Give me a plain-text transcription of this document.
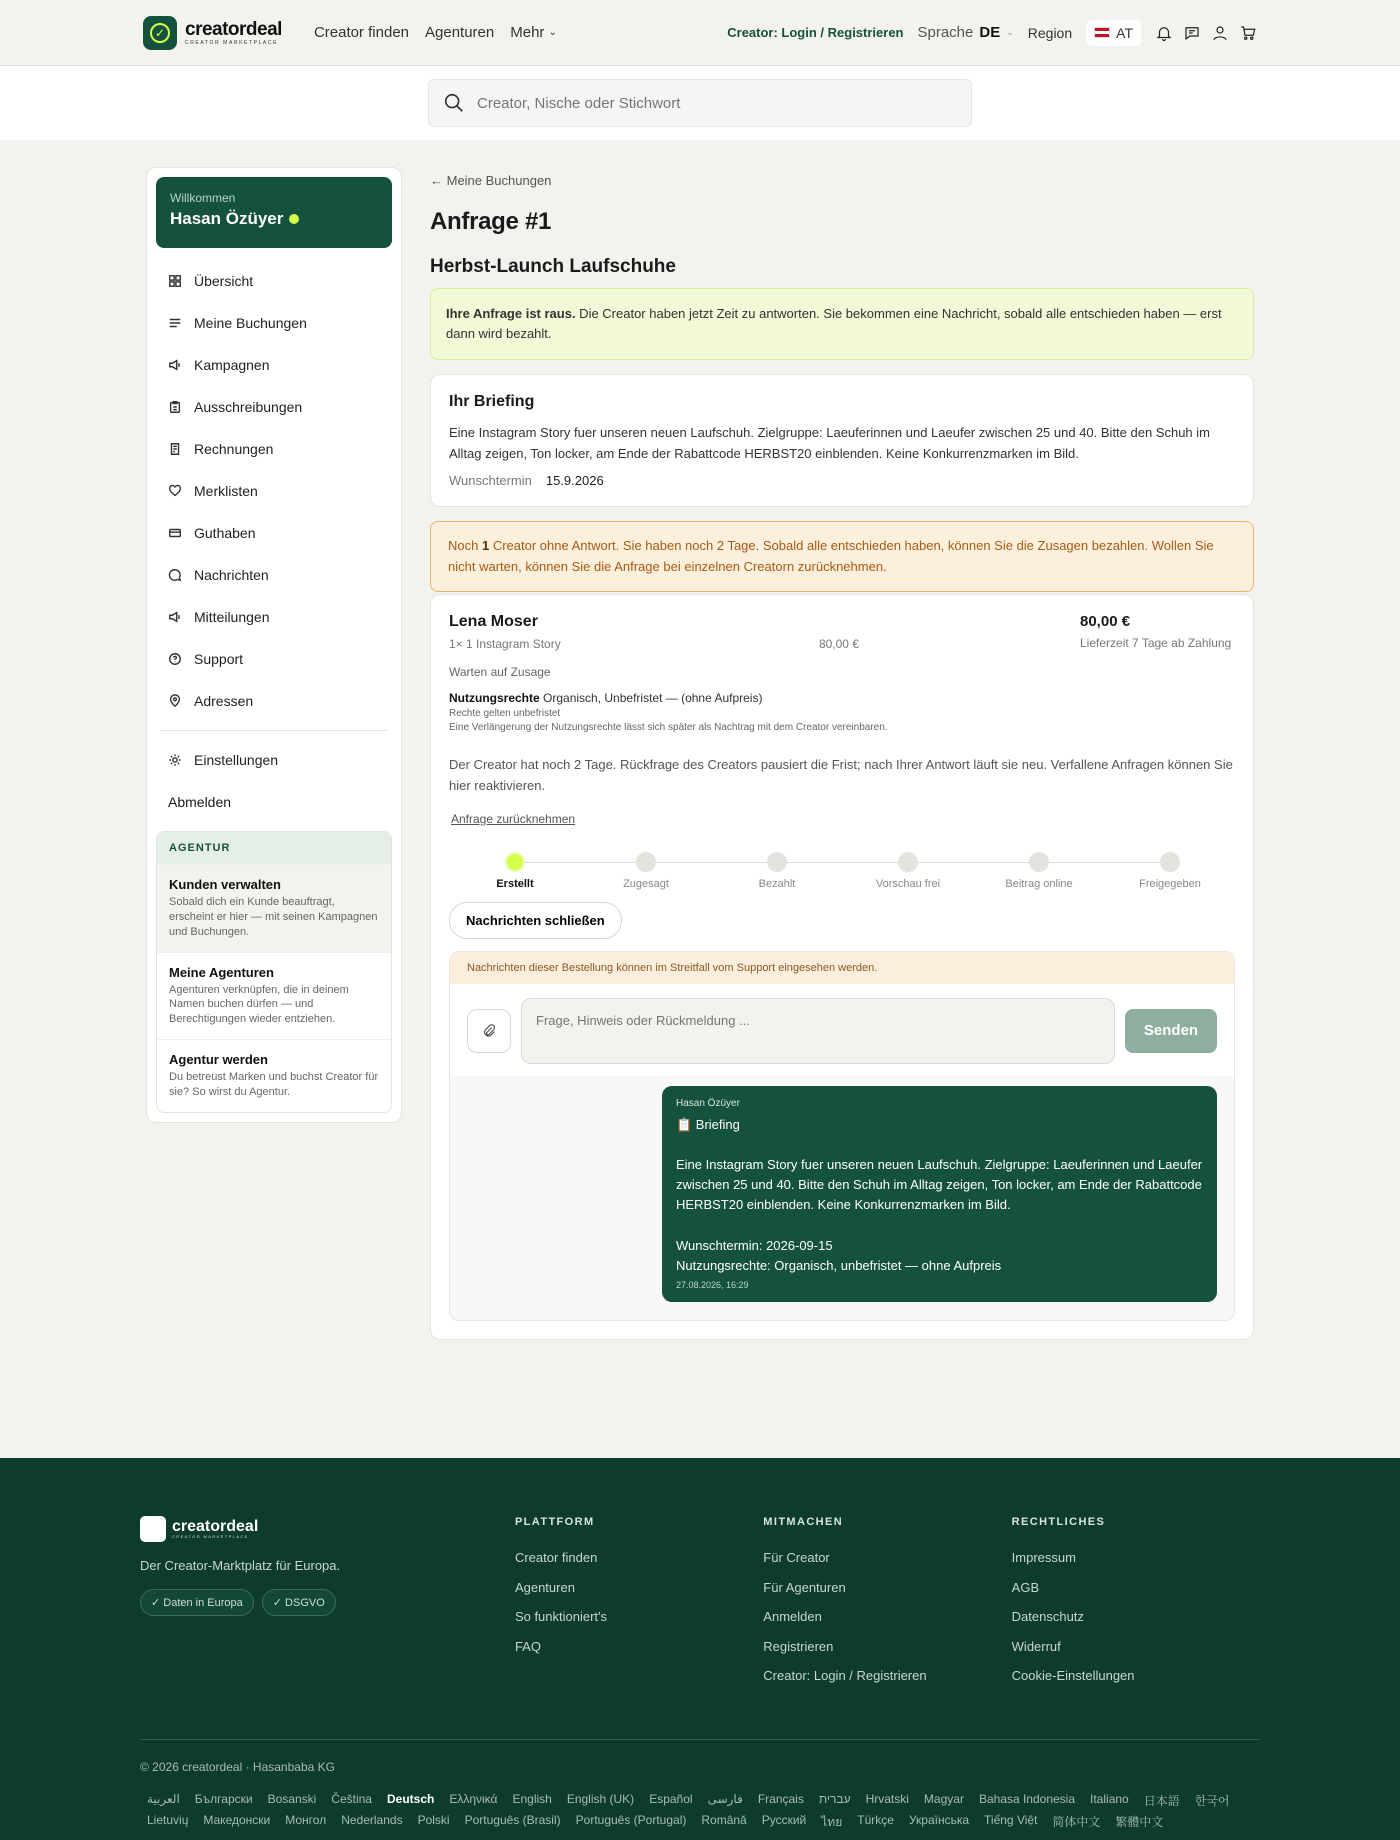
✓ creatordeal
CREATOR MARKETPLACE
Creator finden Agenturen Mehr ⌄	Creator: Login / Registrieren Sprache DE ⌄ Region	AT
Creator, Nische oder Stichwort
Willkommen
Hasan Özüyer
Übersicht
Meine Buchungen
Kampagnen
Ausschreibungen
Rechnungen
Merklisten
Guthaben
Nachrichten
Mitteilungen
Support
Adressen
Einstellungen
Abmelden
AGENTUR
Kunden verwalten
Sobald dich ein Kunde beauftragt, erscheint er hier — mit seinen Kampagnen und Buchungen.
Meine Agenturen
Agenturen verknüpfen, die in deinem Namen buchen dürfen — und Berechtigungen wieder entziehen.
Agentur werden
Du betreust Marken und buchst Creator für sie? So wirst du Agentur.
← Meine Buchungen
Anfrage #1
Herbst-Launch Laufschuhe
Ihre Anfrage ist raus. Die Creator haben jetzt Zeit zu antworten. Sie bekommen eine Nachricht, sobald alle entschieden haben — erst dann wird bezahlt.
Ihr Briefing

Eine Instagram Story fuer unseren neuen Laufschuh. Zielgruppe: Laeuferinnen und Laeufer zwischen 25 und 40. Bitte den Schuh im Alltag zeigen, Ton locker, am Ende der Rabattcode HERBST20 einblenden. Keine Konkurrenzmarken im Bild.

Wunschtermin 15.9.2026
Noch 1 Creator ohne Antwort. Sie haben noch 2 Tage. Sobald alle entschieden haben, können Sie die Zusagen bezahlen. Wollen Sie nicht warten, können Sie die Anfrage bei einzelnen Creatorn zurücknehmen.
Lena Moser
1× 1 Instagram Story	80,00 €
80,00 €
Lieferzeit 7 Tage ab Zahlung
Warten auf Zusage
Nutzungsrechte Organisch, Unbefristet — (ohne Aufpreis)
Rechte gelten unbefristet
Eine Verlängerung der Nutzungsrechte lässt sich später als Nachtrag mit dem Creator vereinbaren.
Der Creator hat noch 2 Tage. Rückfrage des Creators pausiert die Frist; nach Ihrer Antwort läuft sie neu. Verfallene Anfragen können Sie hier reaktivieren.
Anfrage zurücknehmen
Erstellt	Zugesagt	Bezahlt	Vorschau frei	Beitrag online	Freigegeben
Nachrichten schließen
Nachrichten dieser Bestellung können im Streitfall vom Support eingesehen werden.
Frage, Hinweis oder Rückmeldung ...
Senden
Hasan Özüyer
📋 Briefing

Eine Instagram Story fuer unseren neuen Laufschuh. Zielgruppe: Laeuferinnen und Laeufer zwischen 25 und 40. Bitte den Schuh im Alltag zeigen, Ton locker, am Ende der Rabattcode HERBST20 einblenden. Keine Konkurrenzmarken im Bild.

Wunschtermin: 2026-09-15
Nutzungsrechte: Organisch, unbefristet — ohne Aufpreis
27.08.2026, 16:29
creatordeal
CREATOR MARKETPLACE
Der Creator-Marktplatz für Europa.
✓ Daten in Europa	✓ DSGVO
PLATTFORM
Creator finden
Agenturen
So funktioniert's
FAQ
MITMACHEN
Für Creator
Für Agenturen
Anmelden
Registrieren
Creator: Login / Registrieren
RECHTLICHES
Impressum
AGB
Datenschutz
Widerruf
Cookie-Einstellungen
© 2026 creatordeal · Hasanbaba KG
العربية Български Bosanski Čeština Deutsch Ελληνικά English English (UK) Español فارسی Français עברית Hrvatski Magyar Bahasa Indonesia Italiano 日本語 한국어
Lietuvių Македонски Монгол Nederlands Polski Português (Brasil) Português (Portugal) Română Русский ไทย Türkçe Українська Tiếng Việt 简体中文 繁體中文
